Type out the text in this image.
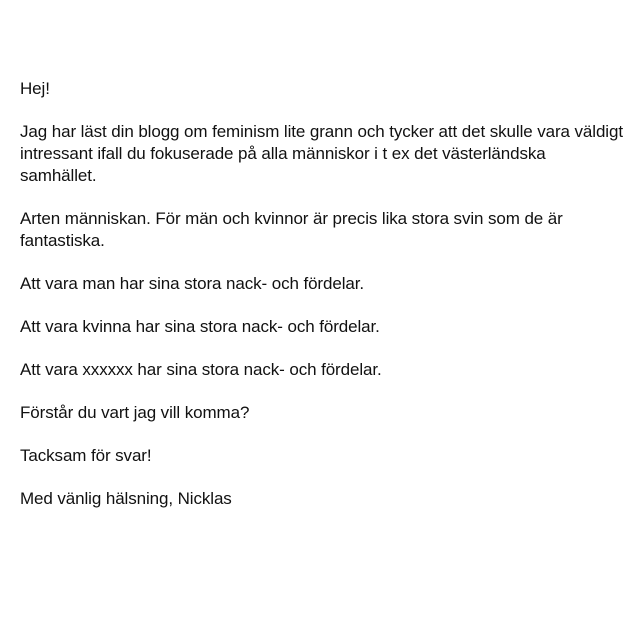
Hej!

Jag har läst din blogg om feminism lite grann och tycker att det skulle vara väldigt intressant ifall du fokuserade på alla människor i t ex det västerländska samhället.

Arten människan. För män och kvinnor är precis lika stora svin som de är fantastiska.

Att vara man har sina stora nack- och fördelar.

Att vara kvinna har sina stora nack- och fördelar.

Att vara xxxxxx har sina stora nack- och fördelar.

Förstår du vart jag vill komma?

Tacksam för svar!

Med vänlig hälsning, Nicklas
